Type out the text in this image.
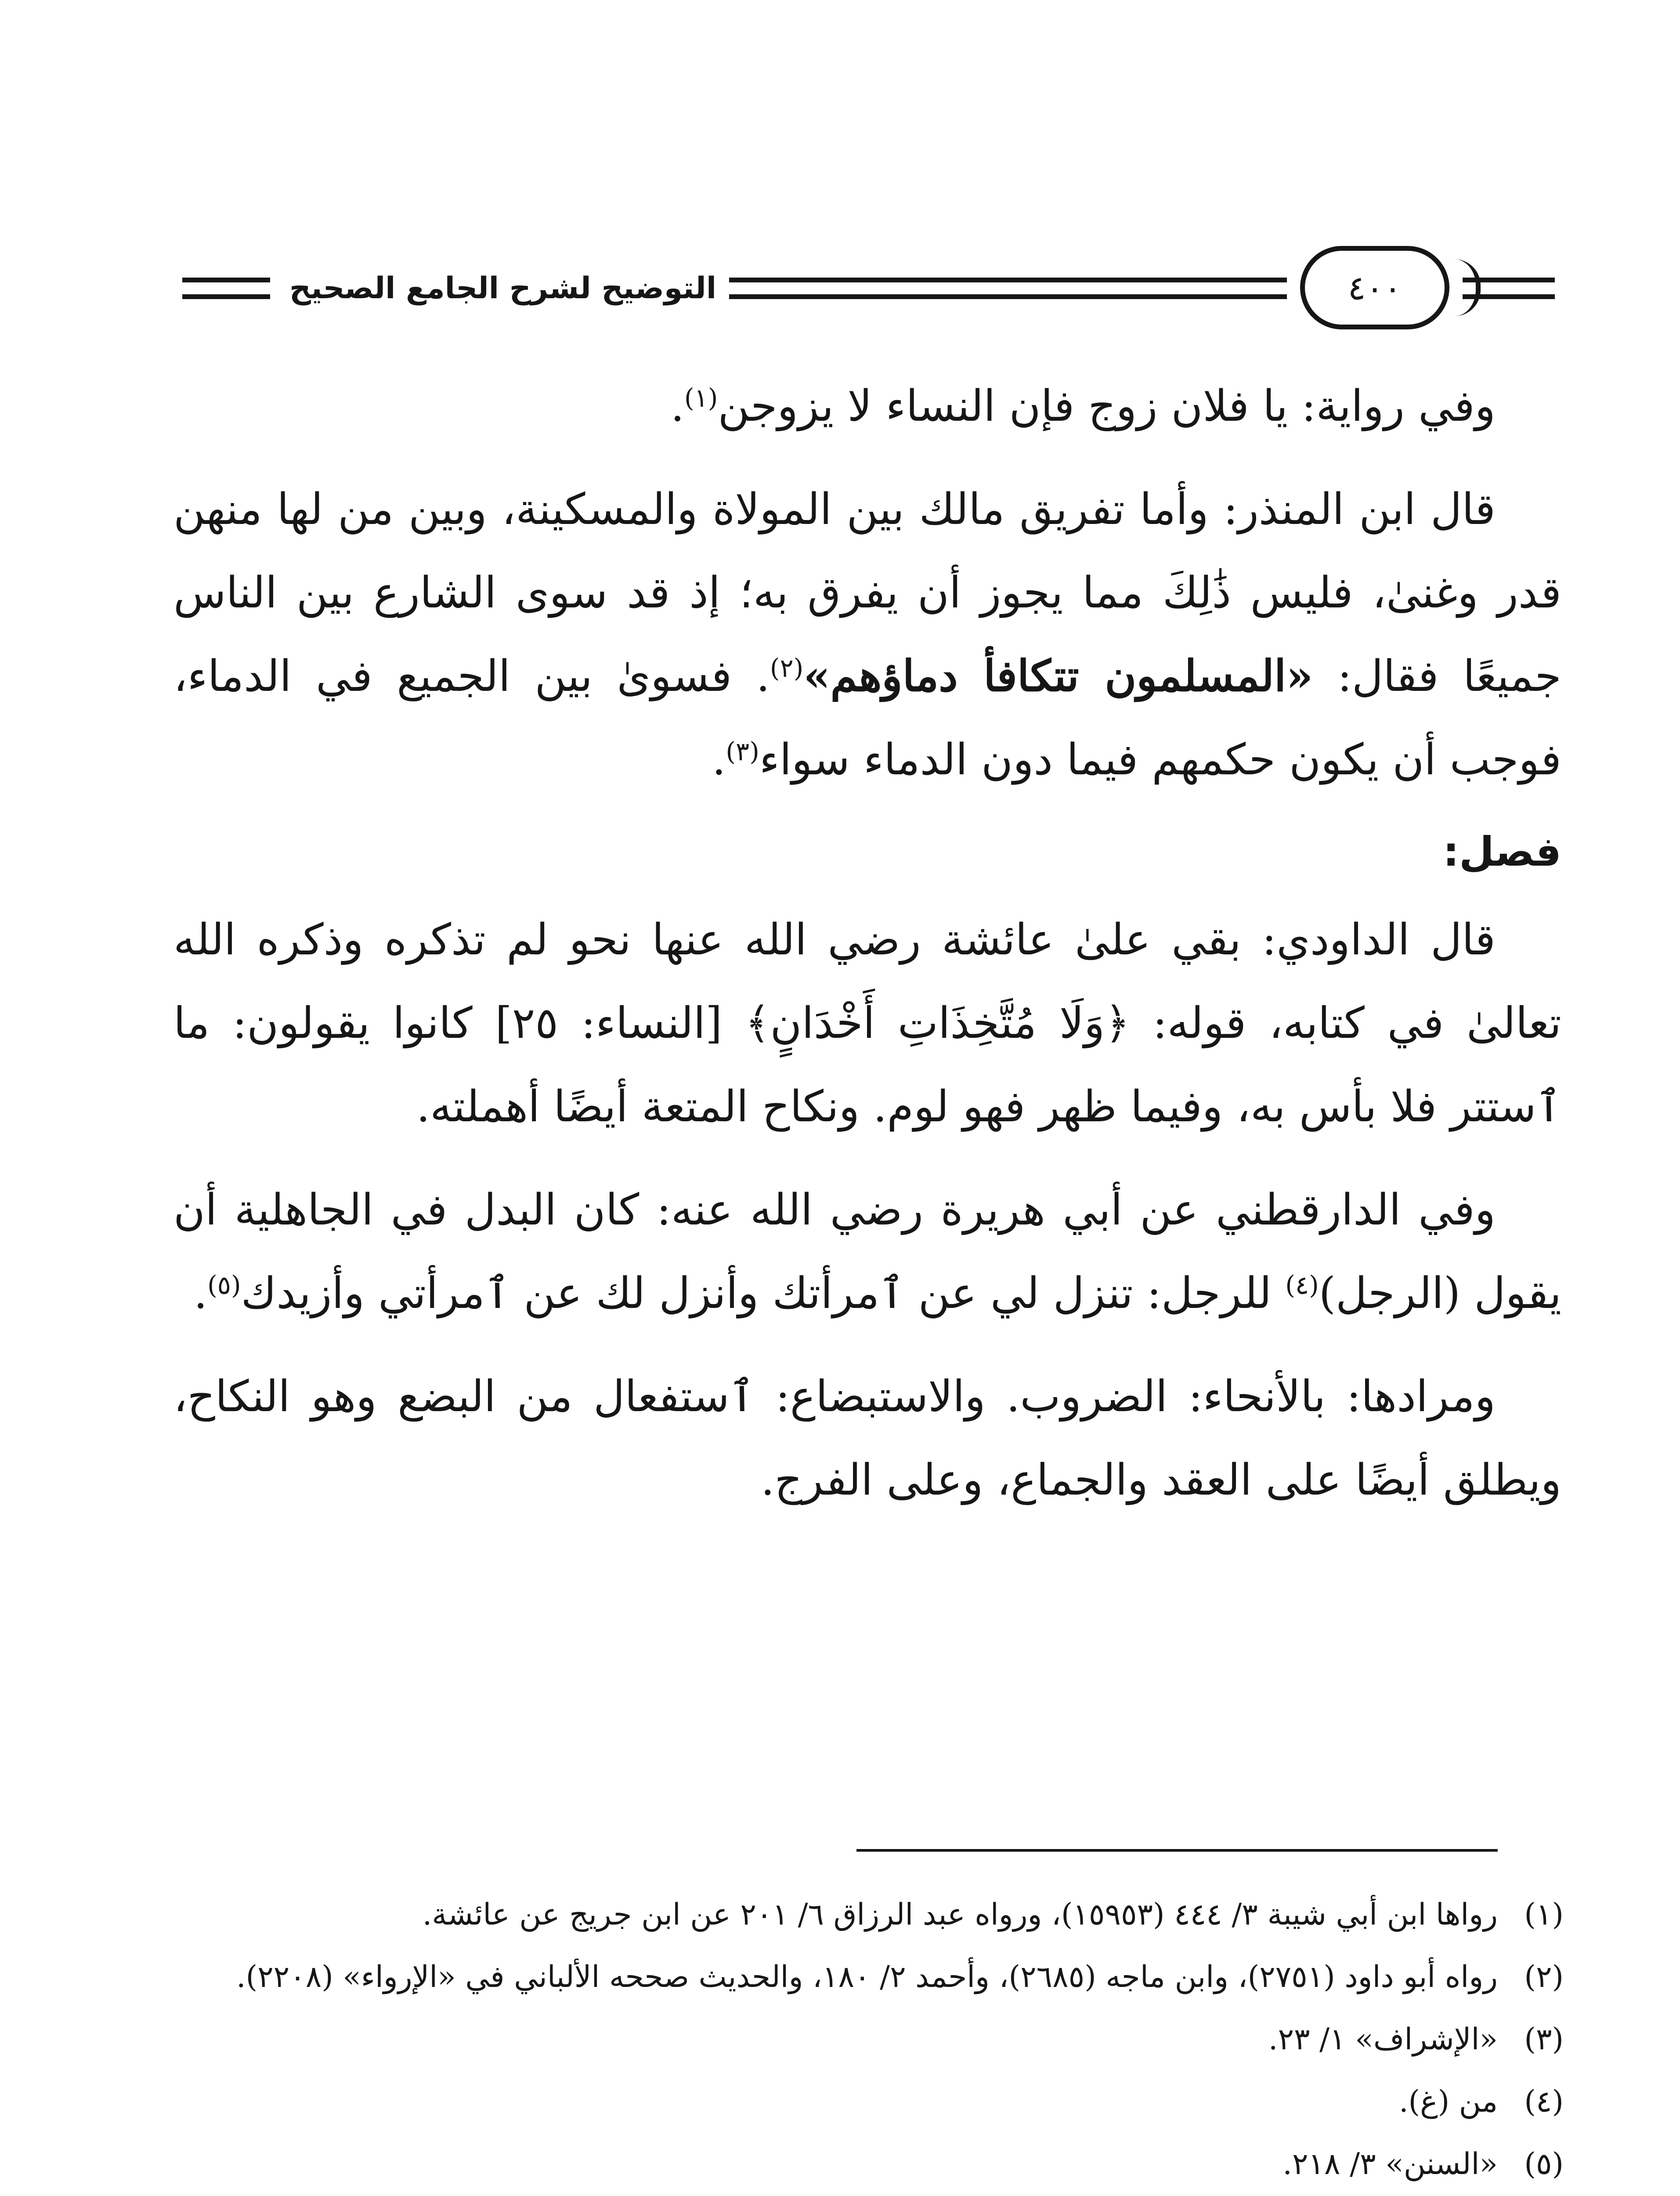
التوضيح لشرح الجامع الصحيح	٤٠٠

وفي رواية: يا فلان زوج فإن النساء لا يزوجن$^{(١)}$.

قال ابن المنذر: وأما تفريق مالك بين المولاة والمسكينة، وبين من لها منهن قدر وغنىٰ، فليس ذَٰلِكَ مما يجوز أن يفرق به؛ إذ قد سوى الشارع بين الناس جميعًا فقال: «المسلمون تتكافأ دماؤهم»$^{(٢)}$. فسوىٰ بين الجميع في الدماء، فوجب أن يكون حكمهم فيما دون الدماء سواء$^{(٣)}$.

فصل:

قال الداودي: بقي علىٰ عائشة رضي الله عنها نحو لم تذكره وذكره الله تعالىٰ في كتابه، قوله: ﴿وَلَا مُتَّخِذَاتِ أَخْدَانٍ﴾ [النساء: ٢٥] كانوا يقولون: ما ٱستتر فلا بأس به، وفيما ظهر فهو لوم. ونكاح المتعة أيضًا أهملته.

وفي الدارقطني عن أبي هريرة رضي الله عنه: كان البدل في الجاهلية أن يقول (الرجل)$^{(٤)}$ للرجل: تنزل لي عن ٱمرأتك وأنزل لك عن ٱمرأتي وأزيدك$^{(٥)}$.

ومرادها: بالأنحاء: الضروب. والاستبضاع: ٱستفعال من البضع وهو النكاح، ويطلق أيضًا على العقد والجماع، وعلى الفرج.

(١)
رواها ابن أبي شيبة ٣/ ٤٤٤ (١٥٩٥٣)، ورواه عبد الرزاق ٦/ ٢٠١ عن ابن جريج عن عائشة.
(٢)
رواه أبو داود (٢٧٥١)، وابن ماجه (٢٦٨٥)، وأحمد ٢/ ١٨٠، والحديث صححه الألباني في «الإرواء» (٢٢٠٨).
(٣)
«الإشراف» ١/ ٢٣.
(٤)
من (غ).
(٥)
«السنن» ٣/ ٢١٨.
